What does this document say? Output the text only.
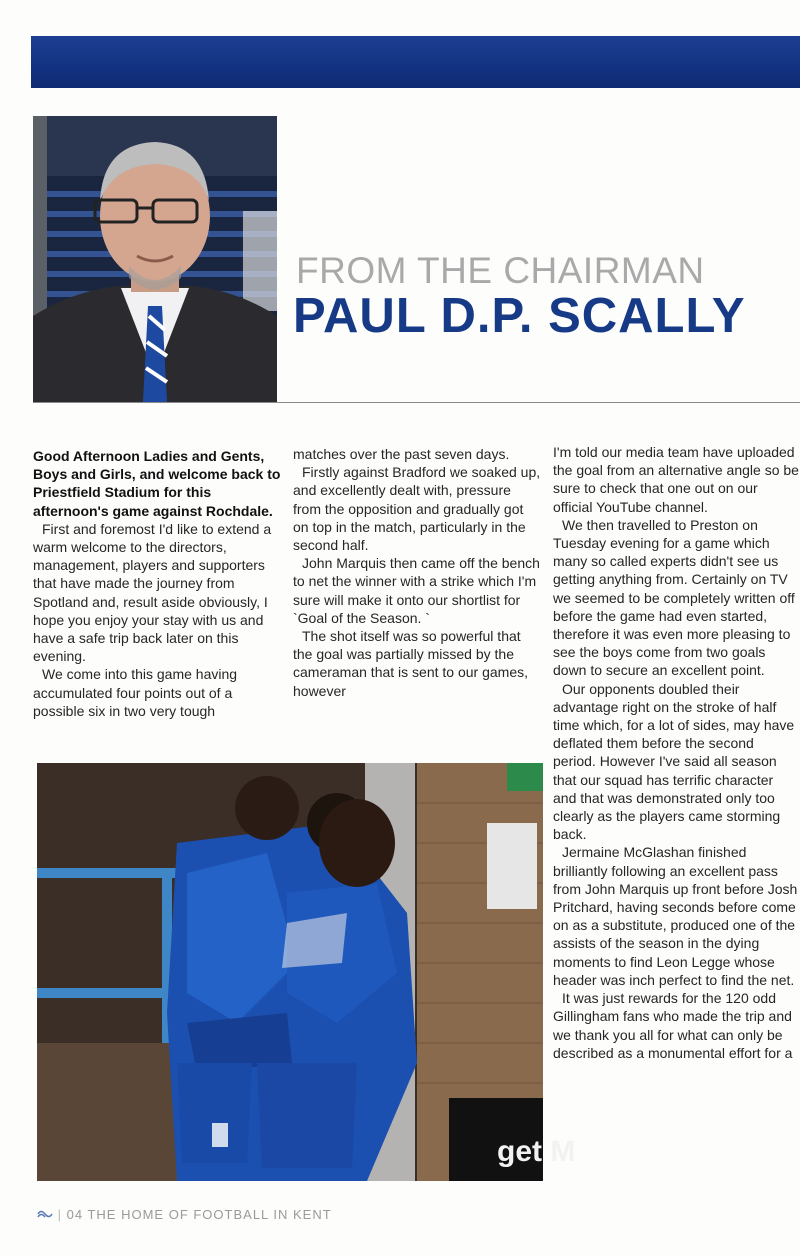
FROM THE CHAIRMAN
PAUL D.P. SCALLY

Good Afternoon Ladies and Gents, Boys and Girls, and welcome back to Priestfield Stadium for this afternoon's game against Rochdale.

First and foremost I'd like to extend a warm welcome to the directors, management, players and supporters that have made the journey from Spotland and, result aside obviously, I hope you enjoy your stay with us and have a safe trip back later on this evening.

We come into this game having accumulated four points out of a possible six in two very tough

matches over the past seven days.

Firstly against Bradford we soaked up, and excellently dealt with, pressure from the opposition and gradually got on top in the match, particularly in the second half.

John Marquis then came off the bench to net the winner with a strike which I'm sure will make it onto our shortlist for `Goal of the Season. `

The shot itself was so powerful that the goal was partially missed by the cameraman that is sent to our games, however

I'm told our media team have uploaded the goal from an alternative angle so be sure to check that one out on our official YouTube channel.

We then travelled to Preston on Tuesday evening for a game which many so called experts didn't see us getting anything from. Certainly on TV we seemed to be completely written off before the game had even started, therefore it was even more pleasing to see the boys come from two goals down to secure an excellent point.

Our opponents doubled their advantage right on the stroke of half time which, for a lot of sides, may have deflated them before the second period. However I've said all season that our squad has terrific character and that was demonstrated only too clearly as the players came storming back.

Jermaine McGlashan finished brilliantly following an excellent pass from John Marquis up front before Josh Pritchard, having seconds before come on as a substitute, produced one of the assists of the season in the dying moments to find Leon Legge whose header was inch perfect to find the net.

It was just rewards for the 120 odd Gillingham fans who made the trip and we thank you all for what can only be described as a monumental effort for a

get M
| 04 THE HOME OF FOOTBALL IN KENT
